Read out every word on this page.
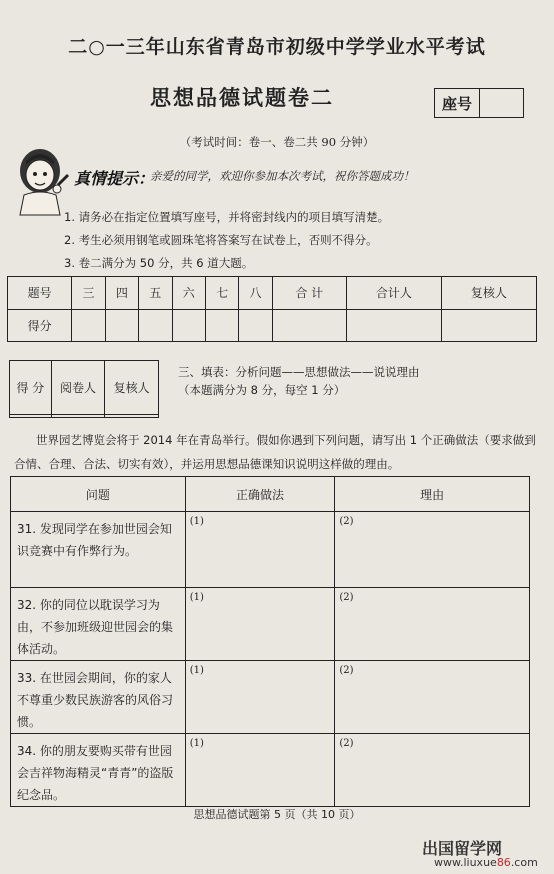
二○一三年山东省青岛市初级中学学业水平考试
思想品德试题卷二	座号
（考试时间：卷一、卷二共 90 分钟）
真情提示：
亲爱的同学，欢迎你参加本次考试，祝你答题成功！
1. 请务必在指定位置填写座号，并将密封线内的项目填写清楚。
2. 考生必须用钢笔或圆珠笔将答案写在试卷上，否则不得分。
3. 卷二满分为 50 分，共 6 道大题。
题号	三	四	五	六	七	八	合 计	合计人	复核人
得分									
得 分	阅卷人	复核人

三、填表：分析问题——思想做法——说说理由
（本题满分为 8 分，每空 1 分）
世界园艺博览会将于 2014 年在青岛举行。假如你遇到下列问题，请写出 1 个正确做法（要求做到合情、合理、合法、切实有效），并运用思想品德课知识说明这样做的理由。
问题	正确做法	理由
31. 发现同学在参加世园会知识竞赛中有作弊行为。	(1)	(2)
32. 你的同位以耽误学习为由，不参加班级迎世园会的集体活动。	(1)	(2)
33. 在世园会期间，你的家人不尊重少数民族游客的风俗习惯。	(1)	(2)
34. 你的朋友要购买带有世园会吉祥物海精灵“青青”的盗版纪念品。	(1)	(2)
思想品德试题第 5 页（共 10 页）
出国留学网
www.liuxue86.com
